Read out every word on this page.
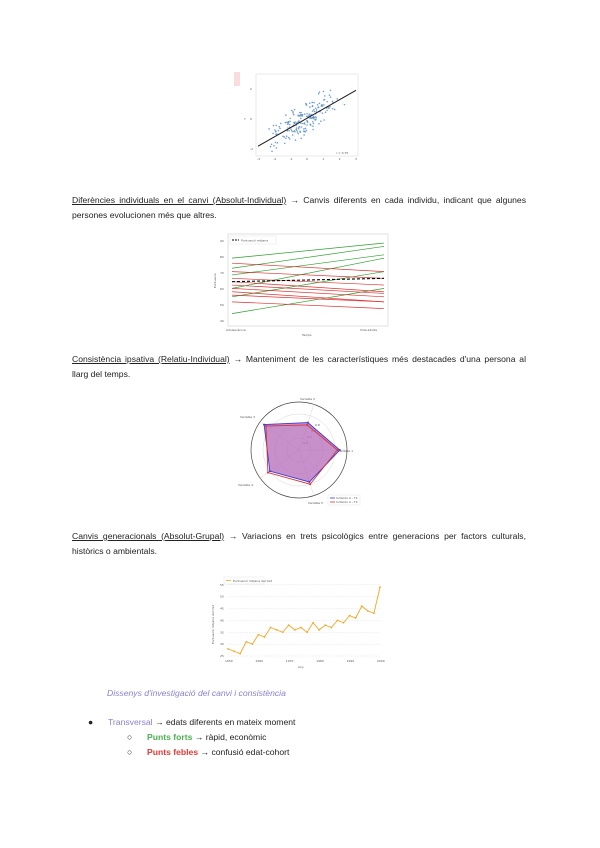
r = 0.75
Y
-3	-2	-1	0	1	2	3
2
0
-2
Diferències individuals en el canvi (Absolut-Individual) → Canvis diferents en cada individu, indicant que algunes persones evolucionen més que altres.
90
80
70
60
50
40
Puntuació mitjana
Puntuació
Temps
Adolescència	Vida adulta
Consistència ipsativa (Relatiu-Individual) → Manteniment de les característiques més destacades d'una persona al llarg del temps.
0.8
Variable 2
Variable 1
Variable 5
Variable 4
Variable 3
Individu A - T1
Individu A - T2
Canvis generacionals (Absolut-Grupal) → Variacions en trets psicològics entre generacions per factors culturals, històrics o ambientals.
55
50
45
40
35
30
25
Puntuació mitjana del tret
Puntuació mitjana del tret
Any
1950	1960	1970	1980	1990	2000
Dissenys d'investigació del canvi i consistència
● Transversal → edats diferents en mateix moment
○ Punts forts → ràpid, econòmic
○ Punts febles → confusió edat-cohort
